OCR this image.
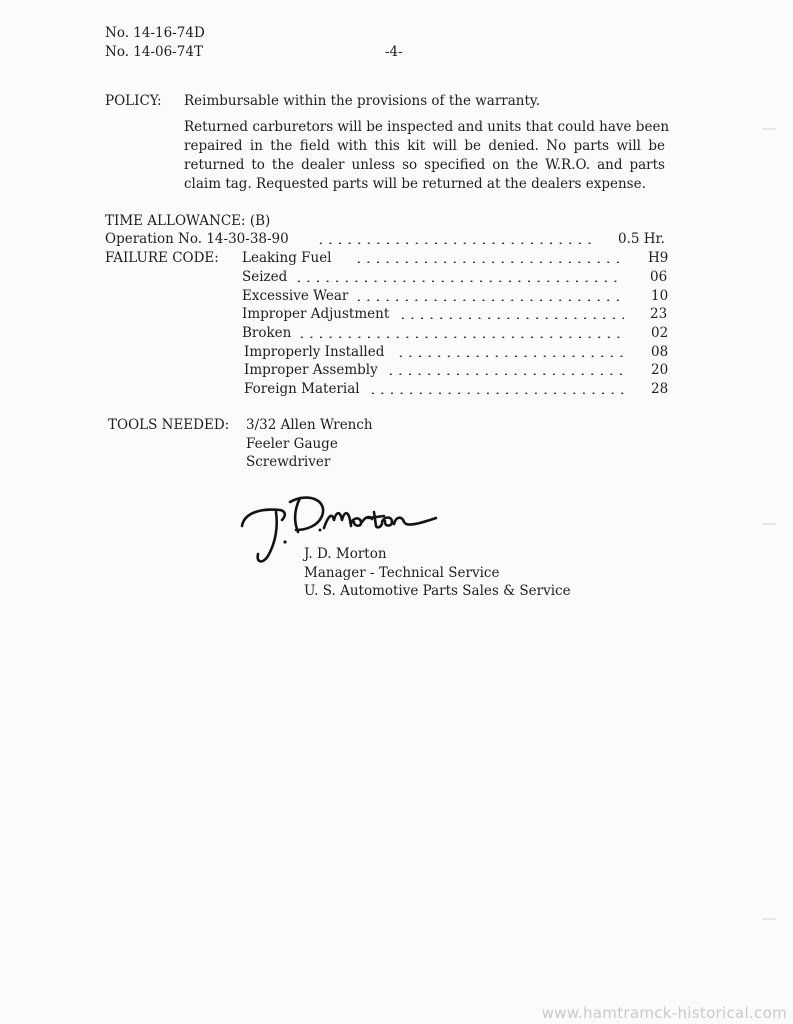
No. 14-16-74D
No. 14-06-74T	-4-
POLICY: Reimbursable within the provisions of the warranty.
Returned carburetors will be inspected and units that could have been
repaired in the field with this kit will be denied. No parts will be
returned to the dealer unless so specified on the W.R.O. and parts
claim tag. Requested parts will be returned at the dealers expense.
TIME ALLOWANCE: (B)
Operation No. 14-30-38-90	0.5 Hr.
FAILURE CODE: Leaking Fuel	H9
Seized	06
Excessive Wear	10
Improper Adjustment	23
Broken	02
Improperly Installed	08
Improper Assembly	20
Foreign Material	28
TOOLS NEEDED: 3/32 Allen Wrench
Feeler Gauge
Screwdriver
J. D. Morton
Manager - Technical Service
U. S. Automotive Parts Sales & Service
www.hamtramck-historical.com
